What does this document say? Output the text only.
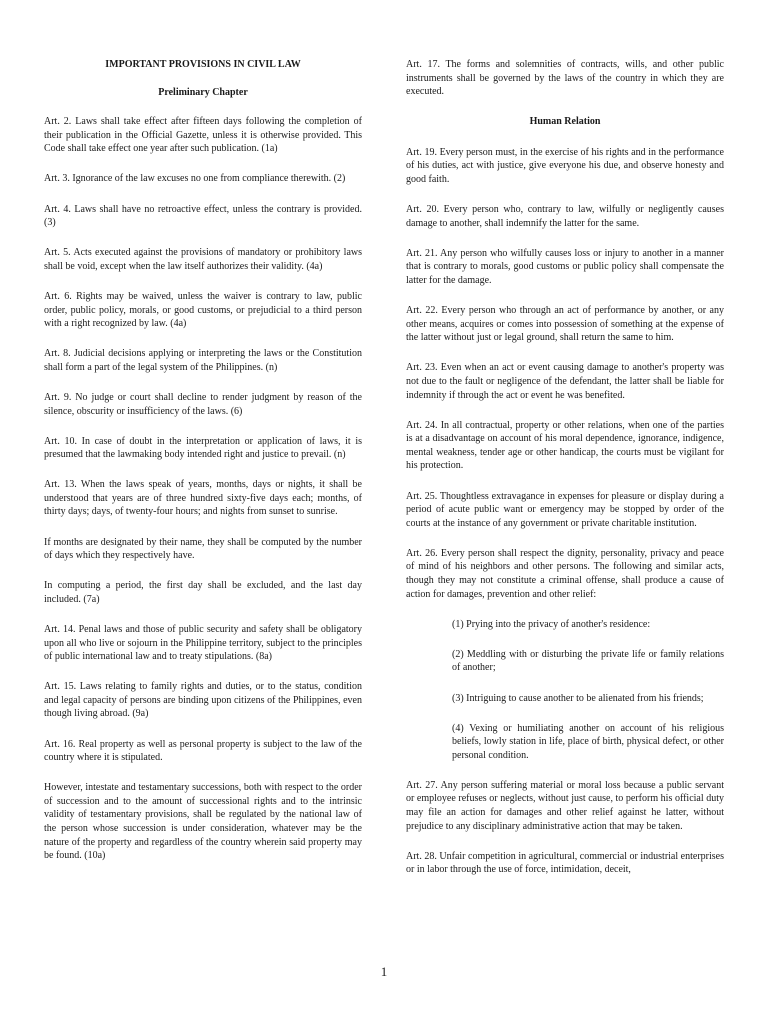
IMPORTANT PROVISIONS IN CIVIL LAW
Preliminary Chapter

Art. 2. Laws shall take effect after fifteen days following the completion of their publication in the Official Gazette, unless it is otherwise provided. This Code shall take effect one year after such publication. (1a)

Art. 3. Ignorance of the law excuses no one from compliance therewith. (2)

Art. 4. Laws shall have no retroactive effect, unless the contrary is provided. (3)

Art. 5. Acts executed against the provisions of mandatory or prohibitory laws shall be void, except when the law itself authorizes their validity. (4a)

Art. 6. Rights may be waived, unless the waiver is contrary to law, public order, public policy, morals, or good customs, or prejudicial to a third person with a right recognized by law. (4a)

Art. 8. Judicial decisions applying or interpreting the laws or the Constitution shall form a part of the legal system of the Philippines. (n)

Art. 9. No judge or court shall decline to render judgment by reason of the silence, obscurity or insufficiency of the laws. (6)

Art. 10. In case of doubt in the interpretation or application of laws, it is presumed that the lawmaking body intended right and justice to prevail. (n)

Art. 13. When the laws speak of years, months, days or nights, it shall be understood that years are of three hundred sixty-five days each; months, of thirty days; days, of twenty-four hours; and nights from sunset to sunrise.

If months are designated by their name, they shall be computed by the number of days which they respectively have.

In computing a period, the first day shall be excluded, and the last day included. (7a)

Art. 14. Penal laws and those of public security and safety shall be obligatory upon all who live or sojourn in the Philippine territory, subject to the principles of public international law and to treaty stipulations. (8a)

Art. 15. Laws relating to family rights and duties, or to the status, condition and legal capacity of persons are binding upon citizens of the Philippines, even though living abroad. (9a)

Art. 16. Real property as well as personal property is subject to the law of the country where it is stipulated.

However, intestate and testamentary successions, both with respect to the order of succession and to the amount of successional rights and to the intrinsic validity of testamentary provisions, shall be regulated by the national law of the person whose succession is under consideration, whatever may be the nature of the property and regardless of the country wherein said property may be found. (10a)

Art. 17. The forms and solemnities of contracts, wills, and other public instruments shall be governed by the laws of the country in which they are executed.

Human Relation

Art. 19. Every person must, in the exercise of his rights and in the performance of his duties, act with justice, give everyone his due, and observe honesty and good faith.

Art. 20. Every person who, contrary to law, wilfully or negligently causes damage to another, shall indemnify the latter for the same.

Art. 21. Any person who wilfully causes loss or injury to another in a manner that is contrary to morals, good customs or public policy shall compensate the latter for the damage.

Art. 22. Every person who through an act of performance by another, or any other means, acquires or comes into possession of something at the expense of the latter without just or legal ground, shall return the same to him.

Art. 23. Even when an act or event causing damage to another's property was not due to the fault or negligence of the defendant, the latter shall be liable for indemnity if through the act or event he was benefited.

Art. 24. In all contractual, property or other relations, when one of the parties is at a disadvantage on account of his moral dependence, ignorance, indigence, mental weakness, tender age or other handicap, the courts must be vigilant for his protection.

Art. 25. Thoughtless extravagance in expenses for pleasure or display during a period of acute public want or emergency may be stopped by order of the courts at the instance of any government or private charitable institution.

Art. 26. Every person shall respect the dignity, personality, privacy and peace of mind of his neighbors and other persons. The following and similar acts, though they may not constitute a criminal offense, shall produce a cause of action for damages, prevention and other relief:

(1) Prying into the privacy of another's residence:

(2) Meddling with or disturbing the private life or family relations of another;

(3) Intriguing to cause another to be alienated from his friends;

(4) Vexing or humiliating another on account of his religious beliefs, lowly station in life, place of birth, physical defect, or other personal condition.

Art. 27. Any person suffering material or moral loss because a public servant or employee refuses or neglects, without just cause, to perform his official duty may file an action for damages and other relief against he latter, without prejudice to any disciplinary administrative action that may be taken.

Art. 28. Unfair competition in agricultural, commercial or industrial enterprises or in labor through the use of force, intimidation, deceit,

1
